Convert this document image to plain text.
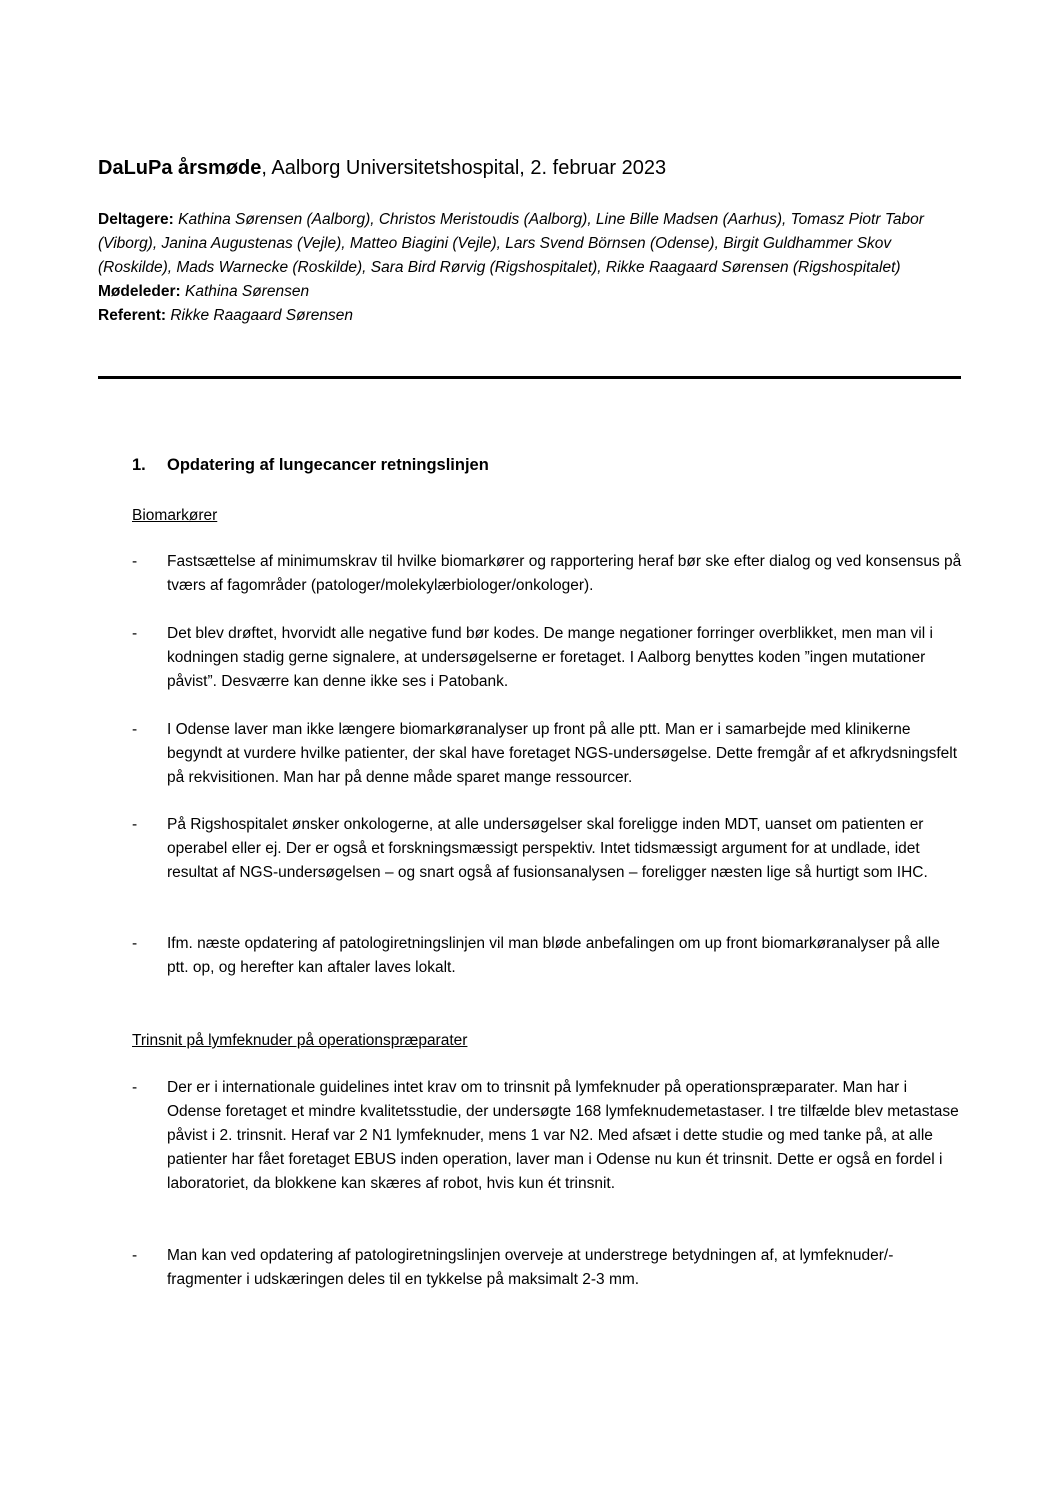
DaLuPa årsmøde, Aalborg Universitetshospital, 2. februar 2023
Deltagere: Kathina Sørensen (Aalborg), Christos Meristoudis (Aalborg), Line Bille Madsen (Aarhus), Tomasz Piotr Tabor (Viborg), Janina Augustenas (Vejle), Matteo Biagini (Vejle), Lars Svend Börnsen (Odense), Birgit Guldhammer Skov (Roskilde), Mads Warnecke (Roskilde), Sara Bird Rørvig (Rigshospitalet), Rikke Raagaard Sørensen (Rigshospitalet)
Mødeleder: Kathina Sørensen
Referent: Rikke Raagaard Sørensen
1. Opdatering af lungecancer retningslinjen
Biomarkører
-	Fastsættelse af minimumskrav til hvilke biomarkører og rapportering heraf bør ske efter dialog og ved konsensus på tværs af fagområder (patologer/molekylærbiologer/onkologer).
-	Det blev drøftet, hvorvidt alle negative fund bør kodes. De mange negationer forringer overblikket, men man vil i kodningen stadig gerne signalere, at undersøgelserne er foretaget. I Aalborg benyttes koden ”ingen mutationer påvist”. Desværre kan denne ikke ses i Patobank.
-	I Odense laver man ikke længere biomarkøranalyser up front på alle ptt. Man er i samarbejde med klinikerne begyndt at vurdere hvilke patienter, der skal have foretaget NGS-undersøgelse. Dette fremgår af et afkrydsningsfelt på rekvisitionen. Man har på denne måde sparet mange ressourcer.
-	På Rigshospitalet ønsker onkologerne, at alle undersøgelser skal foreligge inden MDT, uanset om patienten er operabel eller ej. Der er også et forskningsmæssigt perspektiv. Intet tidsmæssigt argument for at undlade, idet resultat af NGS-undersøgelsen – og snart også af fusionsanalysen – foreligger næsten lige så hurtigt som IHC.
-	Ifm. næste opdatering af patologiretningslinjen vil man bløde anbefalingen om up front biomarkøranalyser på alle ptt. op, og herefter kan aftaler laves lokalt.
Trinsnit på lymfeknuder på operationspræparater
-	Der er i internationale guidelines intet krav om to trinsnit på lymfeknuder på operationspræparater. Man har i Odense foretaget et mindre kvalitetsstudie, der undersøgte 168 lymfeknudemetastaser. I tre tilfælde blev metastase påvist i 2. trinsnit. Heraf var 2 N1 lymfeknuder, mens 1 var N2. Med afsæt i dette studie og med tanke på, at alle patienter har fået foretaget EBUS inden operation, laver man i Odense nu kun ét trinsnit. Dette er også en fordel i laboratoriet, da blokkene kan skæres af robot, hvis kun ét trinsnit.
-	Man kan ved opdatering af patologiretningslinjen overveje at understrege betydningen af, at lymfeknuder/-fragmenter i udskæringen deles til en tykkelse på maksimalt 2-3 mm.
